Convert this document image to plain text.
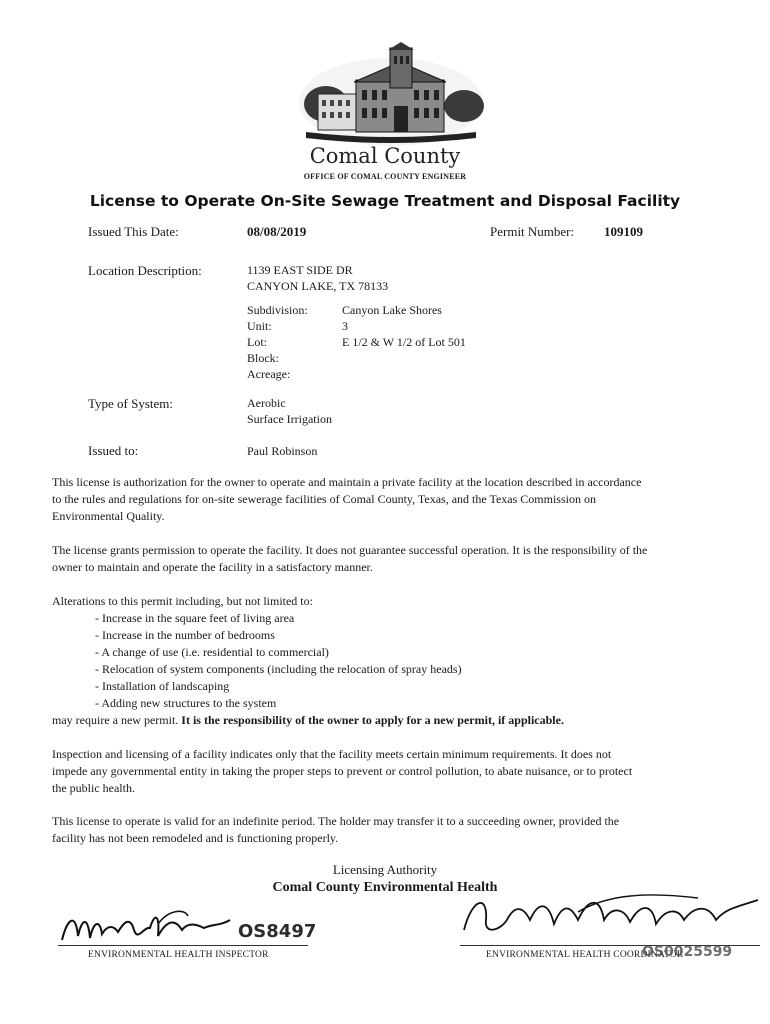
Comal County
OFFICE OF COMAL COUNTY ENGINEER
License to Operate On-Site Sewage Treatment and Disposal Facility
Issued This Date:	08/08/2019	Permit Number: 109109
Location Description:	1139 EAST SIDE DR
CANYON LAKE, TX 78133
Subdivision:	Canyon Lake Shores
Unit:	3
Lot:	E 1/2 & W 1/2 of Lot 501
Block:
Acreage:
Type of System:	Aerobic
Surface Irrigation
Issued to:	Paul Robinson

This license is authorization for the owner to operate and maintain a private facility at the location described in accordance to the rules and regulations for on-site sewerage facilities of Comal County, Texas, and the Texas Commission on Environmental Quality.

The license grants permission to operate the facility. It does not guarantee successful operation. It is the responsibility of the owner to maintain and operate the facility in a satisfactory manner.

Alterations to this permit including, but not limited to:

- Increase in the square feet of living area
- Increase in the number of bedrooms
- A change of use (i.e. residential to commercial)
- Relocation of system components (including the relocation of spray heads)
- Installation of landscaping
- Adding new structures to the system

may require a new permit. It is the responsibility of the owner to apply for a new permit, if applicable.

Inspection and licensing of a facility indicates only that the facility meets certain minimum requirements. It does not impede any governmental entity in taking the proper steps to prevent or control pollution, to abate nuisance, or to protect the public health.

This license to operate is valid for an indefinite period. The holder may transfer it to a succeeding owner, provided the facility has not been remodeled and is functioning properly.

Licensing Authority
Comal County Environmental Health
OS8497
ENVIRONMENTAL HEALTH INSPECTOR	ENVIRONMENTAL HEALTH COORDINATOR
OS0025599
